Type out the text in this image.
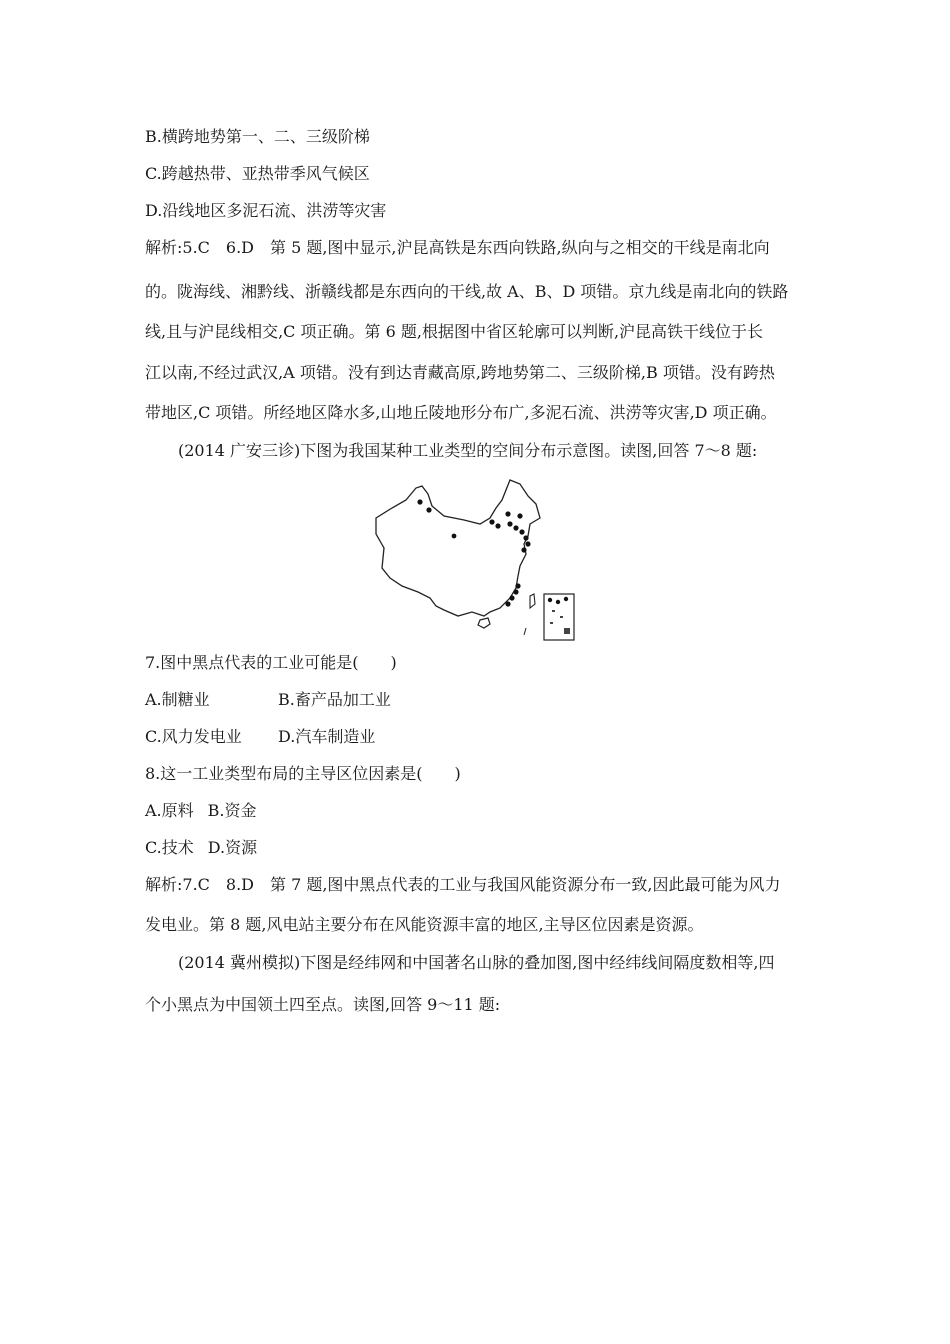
B.横跨地势第一、二、三级阶梯
C.跨越热带、亚热带季风气候区
D.沿线地区多泥石流、洪涝等灾害
解析:5.C　6.D　第 5 题,图中显示,沪昆高铁是东西向铁路,纵向与之相交的干线是南北向
的。陇海线、湘黔线、浙赣线都是东西向的干线,故 A、B、D 项错。京九线是南北向的铁路
线,且与沪昆线相交,C 项正确。第 6 题,根据图中省区轮廓可以判断,沪昆高铁干线位于长
江以南,不经过武汉,A 项错。没有到达青藏高原,跨地势第二、三级阶梯,B 项错。没有跨热
带地区,C 项错。所经地区降水多,山地丘陵地形分布广,多泥石流、洪涝等灾害,D 项正确。
(2014 广安三诊)下图为我国某种工业类型的空间分布示意图。读图,回答 7～8 题:
7.图中黑点代表的工业可能是(　　)
A.制糖业	B.畜产品加工业
C.风力发电业 D.汽车制造业
8.这一工业类型布局的主导区位因素是(　　)
A.原料 B.资金
C.技术 D.资源
解析:7.C　8.D　第 7 题,图中黑点代表的工业与我国风能资源分布一致,因此最可能为风力
发电业。第 8 题,风电站主要分布在风能资源丰富的地区,主导区位因素是资源。
(2014 冀州模拟)下图是经纬网和中国著名山脉的叠加图,图中经纬线间隔度数相等,四
个小黑点为中国领土四至点。读图,回答 9～11 题:
